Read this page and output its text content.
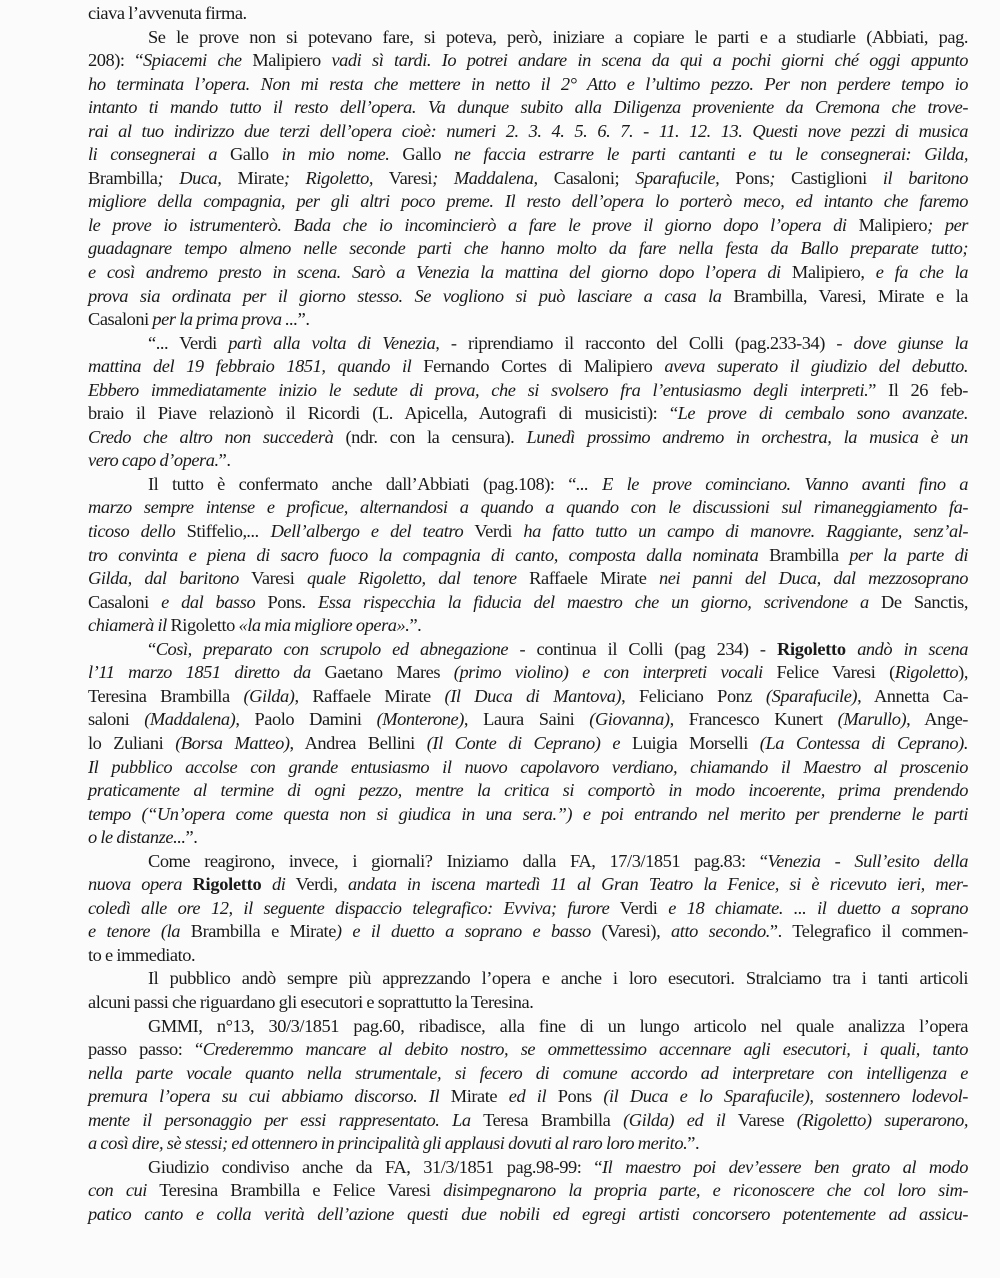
ciava l’avvenuta firma.
Se le prove non si potevano fare, si poteva, però, iniziare a copiare le parti e a studiarle (Abbiati, pag.
208): “Spiacemi che Malipiero vadi sì tardi. Io potrei andare in scena da qui a pochi giorni ché oggi appunto
ho terminata l’opera. Non mi resta che mettere in netto il 2° Atto e l’ultimo pezzo. Per non perdere tempo io
intanto ti mando tutto il resto dell’opera. Va dunque subito alla Diligenza proveniente da Cremona che trove-
rai al tuo indirizzo due terzi dell’opera cioè: numeri 2. 3. 4. 5. 6. 7. - 11. 12. 13. Questi nove pezzi di musica
li consegnerai a Gallo in mio nome. Gallo ne faccia estrarre le parti cantanti e tu le consegnerai: Gilda,
Brambilla; Duca, Mirate; Rigoletto, Varesi; Maddalena, Casaloni; Sparafucile, Pons; Castiglioni il baritono
migliore della compagnia, per gli altri poco preme. Il resto dell’opera lo porterò meco, ed intanto che faremo
le prove io istrumenterò. Bada che io incomincierò a fare le prove il giorno dopo l’opera di Malipiero; per
guadagnare tempo almeno nelle seconde parti che hanno molto da fare nella festa da Ballo preparate tutto;
e così andremo presto in scena. Sarò a Venezia la mattina del giorno dopo l’opera di Malipiero, e fa che la
prova sia ordinata per il giorno stesso. Se vogliono si può lasciare a casa la Brambilla, Varesi, Mirate e la
Casaloni per la prima prova ...”.
“... Verdi partì alla volta di Venezia, - riprendiamo il racconto del Colli (pag.233-34) - dove giunse la
mattina del 19 febbraio 1851, quando il Fernando Cortes di Malipiero aveva superato il giudizio del debutto.
Ebbero immediatamente inizio le sedute di prova, che si svolsero fra l’entusiasmo degli interpreti.” Il 26 feb-
braio il Piave relazionò il Ricordi (L. Apicella, Autografi di musicisti): “Le prove di cembalo sono avanzate.
Credo che altro non succederà (ndr. con la censura). Lunedì prossimo andremo in orchestra, la musica è un
vero capo d’opera.”.
Il tutto è confermato anche dall’Abbiati (pag.108): “... E le prove cominciano. Vanno avanti fino a
marzo sempre intense e proficue, alternandosi a quando a quando con le discussioni sul rimaneggiamento fa-
ticoso dello Stiffelio,... Dell’albergo e del teatro Verdi ha fatto tutto un campo di manovre. Raggiante, senz’al-
tro convinta e piena di sacro fuoco la compagnia di canto, composta dalla nominata Brambilla per la parte di
Gilda, dal baritono Varesi quale Rigoletto, dal tenore Raffaele Mirate nei panni del Duca, dal mezzosoprano
Casaloni e dal basso Pons. Essa rispecchia la fiducia del maestro che un giorno, scrivendone a De Sanctis,
chiamerà il Rigoletto «la mia migliore opera».”.
“Così, preparato con scrupolo ed abnegazione - continua il Colli (pag 234) - Rigoletto andò in scena
l’11 marzo 1851 diretto da Gaetano Mares (primo violino) e con interpreti vocali Felice Varesi (Rigoletto),
Teresina Brambilla (Gilda), Raffaele Mirate (Il Duca di Mantova), Feliciano Ponz (Sparafucile), Annetta Ca-
saloni (Maddalena), Paolo Damini (Monterone), Laura Saini (Giovanna), Francesco Kunert (Marullo), Ange-
lo Zuliani (Borsa Matteo), Andrea Bellini (Il Conte di Ceprano) e Luigia Morselli (La Contessa di Ceprano).
Il pubblico accolse con grande entusiasmo il nuovo capolavoro verdiano, chiamando il Maestro al proscenio
praticamente al termine di ogni pezzo, mentre la critica si comportò in modo incoerente, prima prendendo
tempo (“Un’opera come questa non si giudica in una sera.”) e poi entrando nel merito per prenderne le parti
o le distanze...”.
Come reagirono, invece, i giornali? Iniziamo dalla FA, 17/3/1851 pag.83: “Venezia - Sull’esito della
nuova opera Rigoletto di Verdi, andata in iscena martedì 11 al Gran Teatro la Fenice, si è ricevuto ieri, mer-
coledì alle ore 12, il seguente dispaccio telegrafico: Evviva; furore Verdi e 18 chiamate. ... il duetto a soprano
e tenore (la Brambilla e Mirate) e il duetto a soprano e basso (Varesi), atto secondo.”. Telegrafico il commen-
to e immediato.
Il pubblico andò sempre più apprezzando l’opera e anche i loro esecutori. Stralciamo tra i tanti articoli
alcuni passi che riguardano gli esecutori e soprattutto la Teresina.
GMMI, n°13, 30/3/1851 pag.60, ribadisce, alla fine di un lungo articolo nel quale analizza l’opera
passo passo: “Crederemmo mancare al debito nostro, se ommettessimo accennare agli esecutori, i quali, tanto
nella parte vocale quanto nella strumentale, si fecero di comune accordo ad interpretare con intelligenza e
premura l’opera su cui abbiamo discorso. Il Mirate ed il Pons (il Duca e lo Sparafucile), sostennero lodevol-
mente il personaggio per essi rappresentato. La Teresa Brambilla (Gilda) ed il Varese (Rigoletto) superarono,
a così dire, sè stessi; ed ottennero in principalità gli applausi dovuti al raro loro merito.”.
Giudizio condiviso anche da FA, 31/3/1851 pag.98-99: “Il maestro poi dev’essere ben grato al modo
con cui Teresina Brambilla e Felice Varesi disimpegnarono la propria parte, e riconoscere che col loro sim-
patico canto e colla verità dell’azione questi due nobili ed egregi artisti concorsero potentemente ad assicu-
